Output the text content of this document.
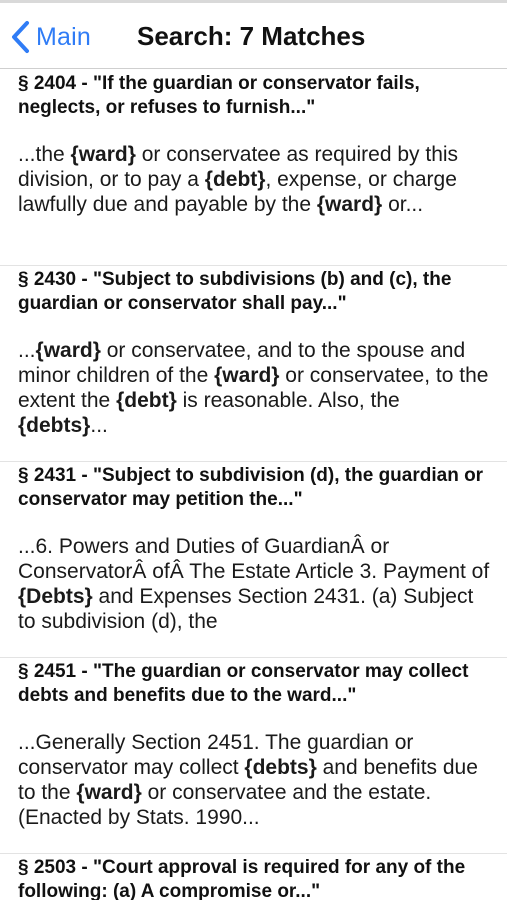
Main Search: 7 Matches
§ 2404 - "If the guardian or conservator fails, neglects, or refuses to furnish..."
...the {ward} or conservatee as required by this division, or to pay a {debt}, expense, or charge lawfully due and payable by the {ward} or...
§ 2430 - "Subject to subdivisions (b) and (c), the guardian or conservator shall pay..."
...{ward} or conservatee, and to the spouse and minor children of the {ward} or conservatee, to the extent the {debt} is reasonable. Also, the {debts}...
§ 2431 - "Subject to subdivision (d), the guardian or conservator may petition the..."
...6. Powers and Duties of GuardianÂ or ConservatorÂ ofÂ The Estate Article 3. Payment of {Debts} and Expenses Section 2431. (a) Subject to subdivision (d), the
§ 2451 - "The guardian or conservator may collect debts and benefits due to the ward..."
...Generally Section 2451. The guardian or conservator may collect {debts} and benefits due to the {ward} or conservatee and the estate. (Enacted by Stats. 1990...
§ 2503 - "Court approval is required for any of the following: (a) A compromise or..."
